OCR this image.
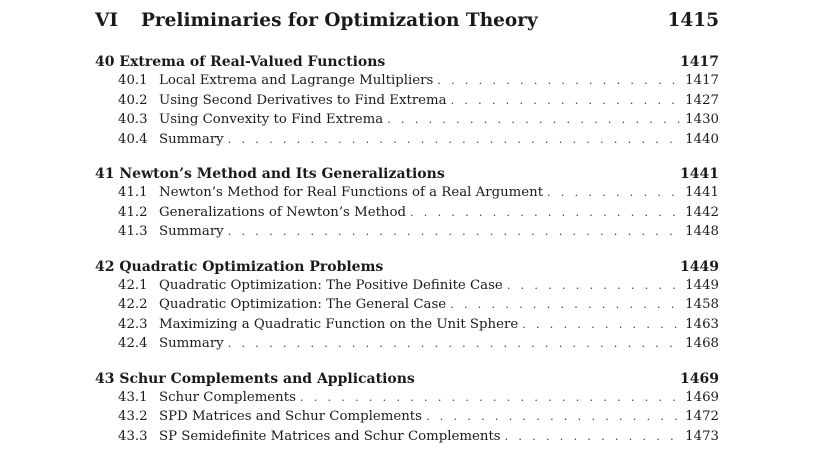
VI Preliminaries for Optimization Theory	1415
40 Extrema of Real-Valued Functions	1417
40.1 Local Extrema and Lagrange Multipliers . . .	1417
40.2 Using Second Derivatives to Find Extrema . . .	1427
40.3 Using Convexity to Find Extrema . . .	1430
40.4 Summary . . .	1440
41 Newton’s Method and Its Generalizations	1441
41.1 Newton’s Method for Real Functions of a Real Argument . . .	1441
41.2 Generalizations of Newton’s Method . . .	1442
41.3 Summary . . .	1448
42 Quadratic Optimization Problems	1449
42.1 Quadratic Optimization: The Positive Definite Case . . .	1449
42.2 Quadratic Optimization: The General Case . . .	1458
42.3 Maximizing a Quadratic Function on the Unit Sphere . . .	1463
42.4 Summary . . .	1468
43 Schur Complements and Applications	1469
43.1 Schur Complements . . .	1469
43.2 SPD Matrices and Schur Complements . . .	1472
43.3 SP Semidefinite Matrices and Schur Complements . . .	1473
